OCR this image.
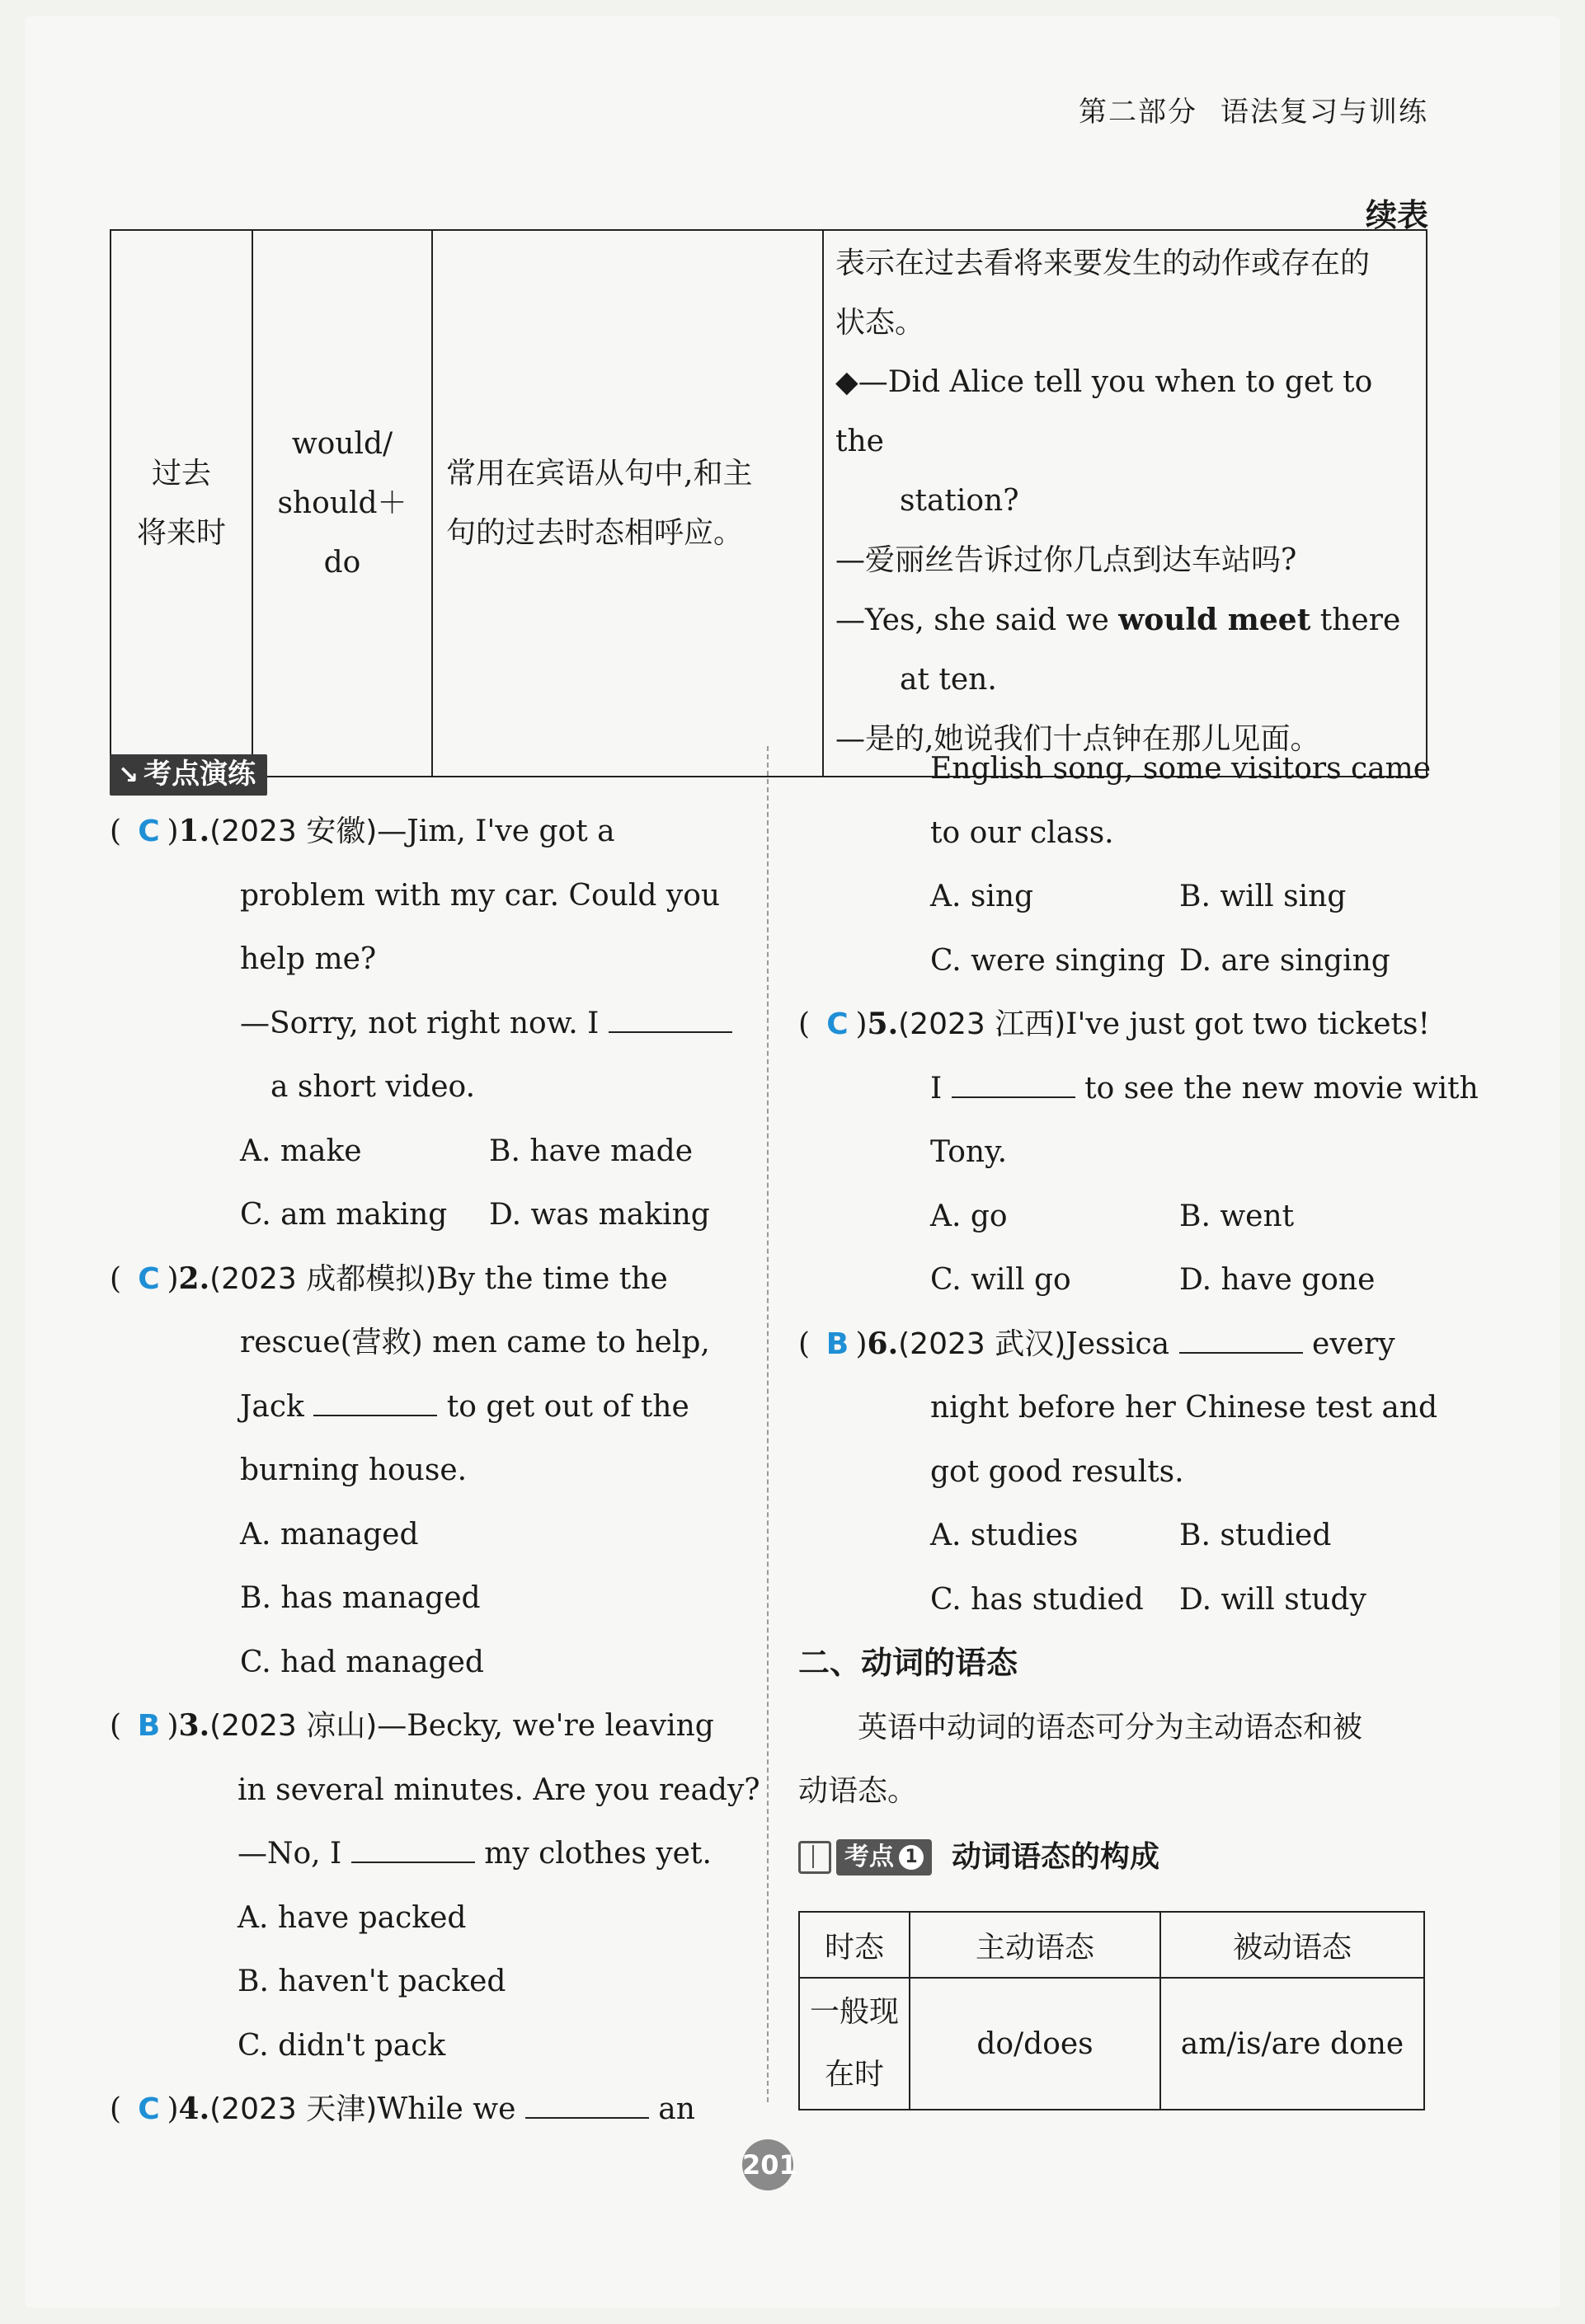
第二部分 语法复习与训练
续表
过去
将来时

would/
should＋
do

常用在宾语从句中,和主
句的过去时态相呼应。

表示在过去看将来要发生的动作或存在的
状态。
◆—Did Alice tell you when to get to the
station?
—爱丽丝告诉过你几点到达车站吗?
—Yes, she said we would meet there
at ten.
—是的,她说我们十点钟在那儿见面。
↘ 考点演练
( C )1.(2023 安徽)—Jim, I've got a
problem with my car. Could you
help me?
—Sorry, not right now. I
a short video.
A. make	B. have made
C. am making D. was making
( C )2.(2023 成都模拟)By the time the
rescue(营救) men came to help,
Jack	to get out of the
burning house.
A. managed
B. has managed
C. had managed
( B )3.(2023 凉山)—Becky, we're leaving
in several minutes. Are you ready?
—No, I	my clothes yet.
A. have packed
B. haven't packed
C. didn't pack
( C )4.(2023 天津)While we	an
English song, some visitors came
to our class.
A. sing	B. will sing
C. were singing D. are singing
( C )5.(2023 江西)I've just got two tickets!
I	to see the new movie with
Tony.
A. go	B. went
C. will go	D. have gone
( B )6.(2023 武汉)Jessica	every
night before her Chinese test and
got good results.
A. studies	B. studied
C. has studied D. will study
二、动词的语态
英语中动词的语态可分为主动语态和被
动语态。
考点 1 动词语态的构成
时态	主动语态	被动语态

一般现
在时	do/does	am/is/are done
201
